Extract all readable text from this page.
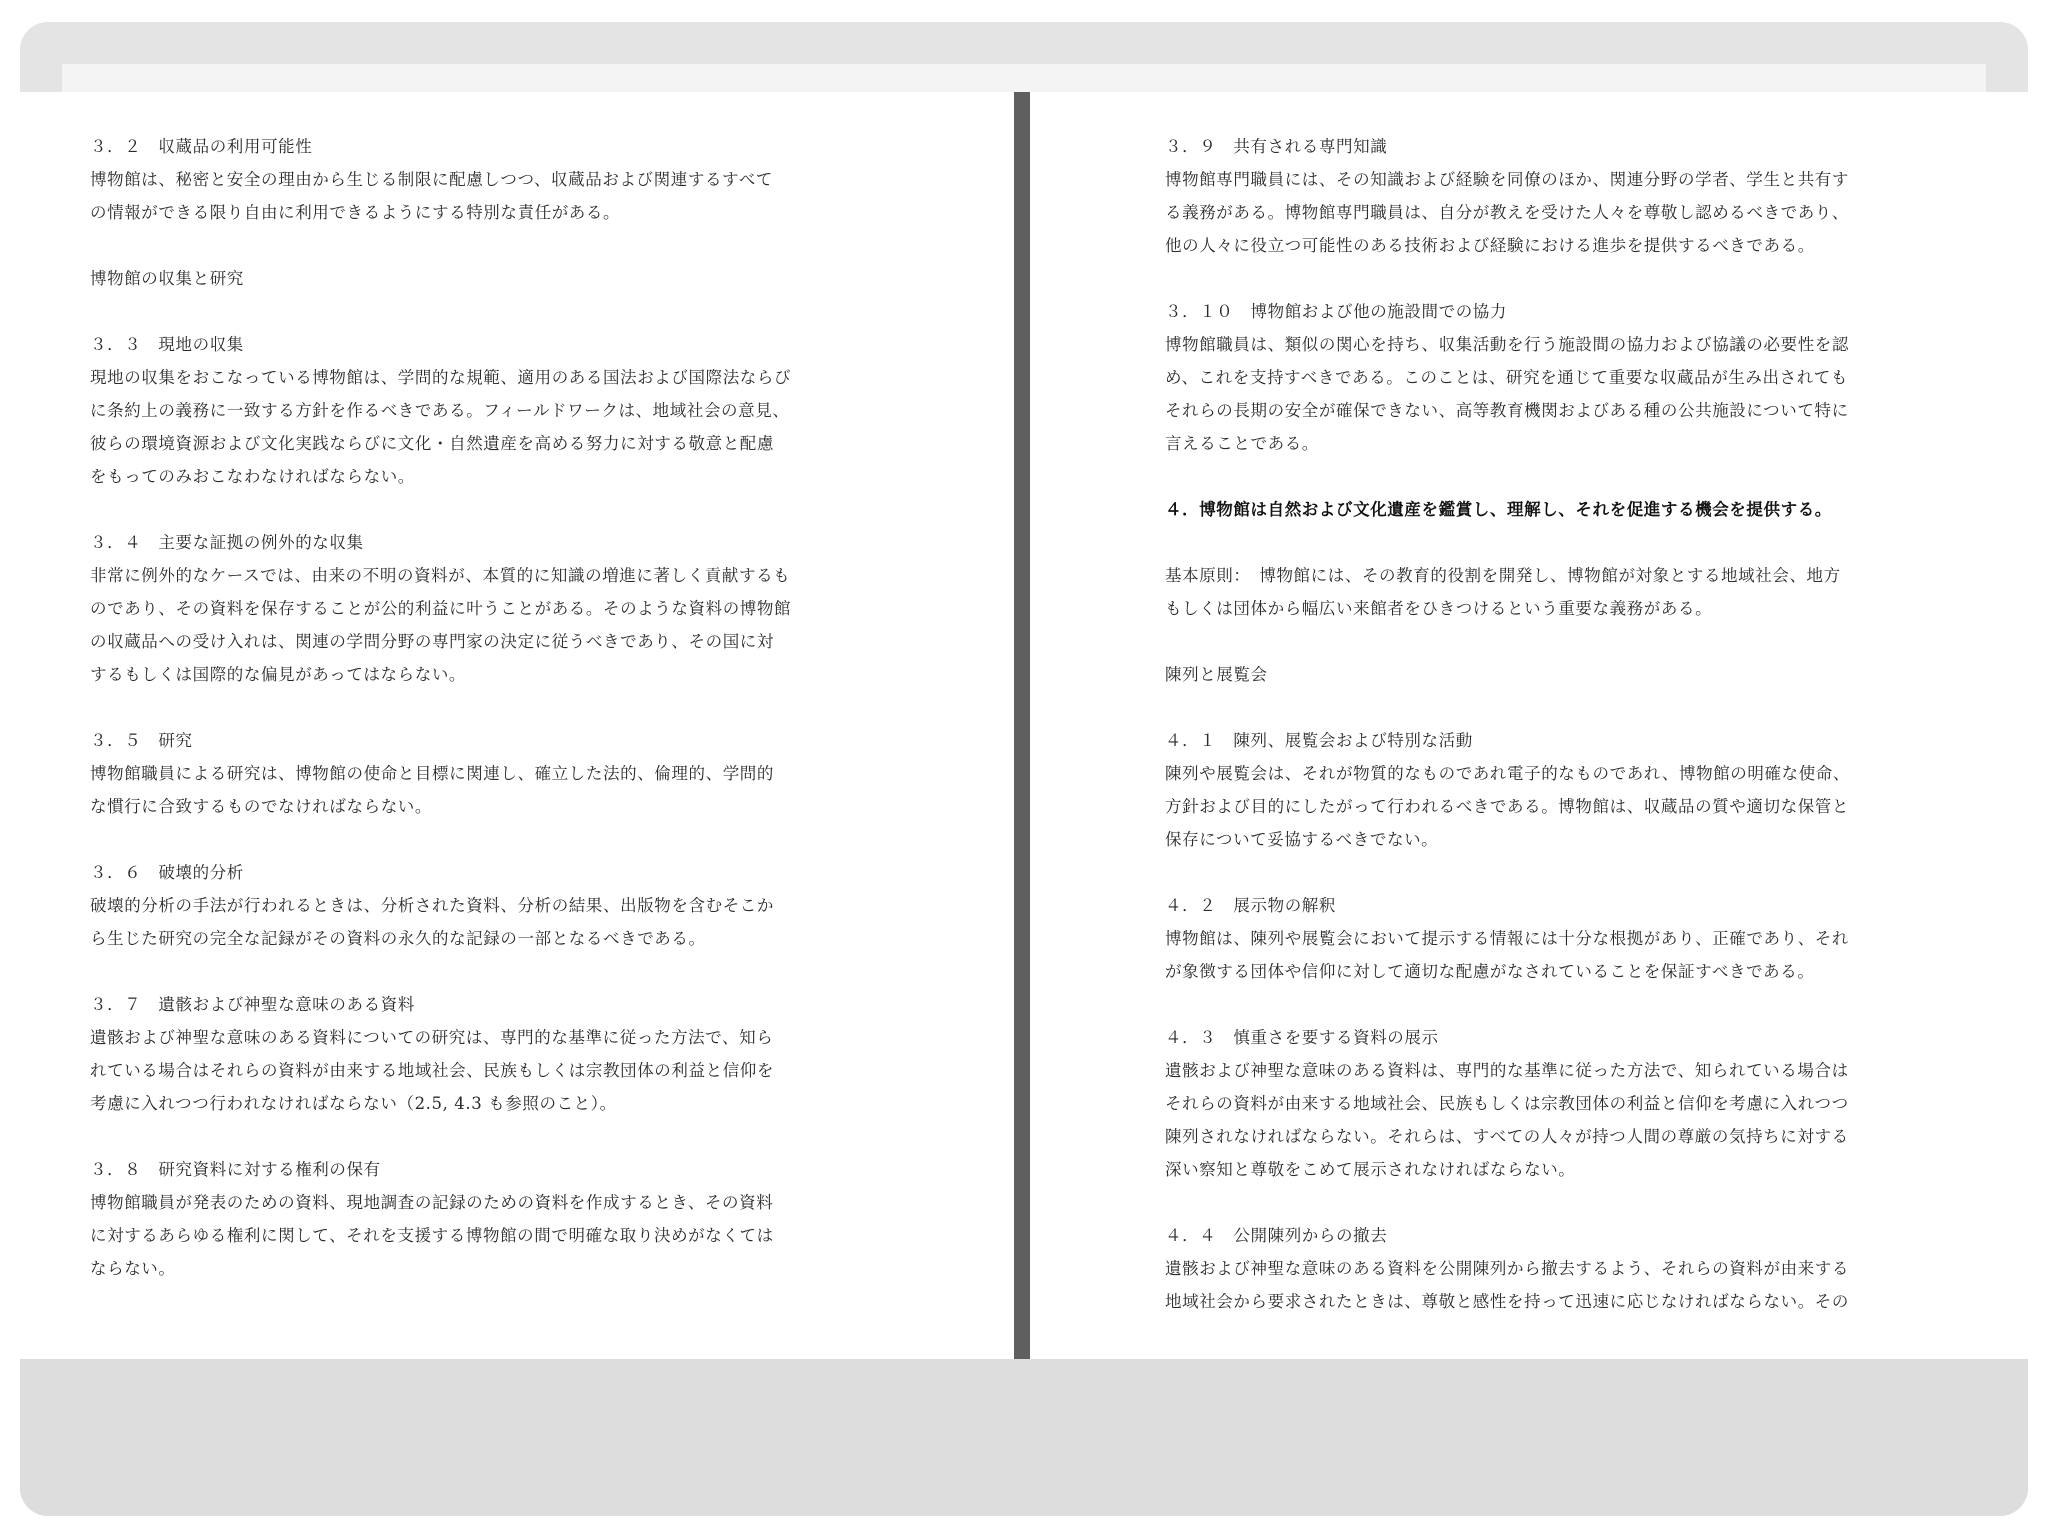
３．２　収蔵品の利用可能性
博物館は、秘密と安全の理由から生じる制限に配慮しつつ、収蔵品および関連するすべて
の情報ができる限り自由に利用できるようにする特別な責任がある。
博物館の収集と研究
３．３　現地の収集
現地の収集をおこなっている博物館は、学問的な規範、適用のある国法および国際法ならび
に条約上の義務に一致する方針を作るべきである。フィールドワークは、地域社会の意見、
彼らの環境資源および文化実践ならびに文化・自然遺産を高める努力に対する敬意と配慮
をもってのみおこなわなければならない。
３．４　主要な証拠の例外的な収集
非常に例外的なケースでは、由来の不明の資料が、本質的に知識の増進に著しく貢献するも
のであり、その資料を保存することが公的利益に叶うことがある。そのような資料の博物館
の収蔵品への受け入れは、関連の学問分野の専門家の決定に従うべきであり、その国に対
するもしくは国際的な偏見があってはならない。
３．５　研究
博物館職員による研究は、博物館の使命と目標に関連し、確立した法的、倫理的、学問的
な慣行に合致するものでなければならない。
３．６　破壊的分析
破壊的分析の手法が行われるときは、分析された資料、分析の結果、出版物を含むそこか
ら生じた研究の完全な記録がその資料の永久的な記録の一部となるべきである。
３．７　遺骸および神聖な意味のある資料
遺骸および神聖な意味のある資料についての研究は、専門的な基準に従った方法で、知ら
れている場合はそれらの資料が由来する地域社会、民族もしくは宗教団体の利益と信仰を
考慮に入れつつ行われなければならない（2.5, 4.3 も参照のこと）。
３．８　研究資料に対する権利の保有
博物館職員が発表のための資料、現地調査の記録のための資料を作成するとき、その資料
に対するあらゆる権利に関して、それを支援する博物館の間で明確な取り決めがなくては
ならない。
３．９　共有される専門知識
博物館専門職員には、その知識および経験を同僚のほか、関連分野の学者、学生と共有す
る義務がある。博物館専門職員は、自分が教えを受けた人々を尊敬し認めるべきであり、
他の人々に役立つ可能性のある技術および経験における進歩を提供するべきである。
３．１０　博物館および他の施設間での協力
博物館職員は、類似の関心を持ち、収集活動を行う施設間の協力および協議の必要性を認
め、これを支持すべきである。このことは、研究を通じて重要な収蔵品が生み出されても
それらの長期の安全が確保できない、高等教育機関およびある種の公共施設について特に
言えることである。
４．博物館は自然および文化遺産を鑑賞し、理解し、それを促進する機会を提供する。
基本原則：　博物館には、その教育的役割を開発し、博物館が対象とする地域社会、地方
もしくは団体から幅広い来館者をひきつけるという重要な義務がある。
陳列と展覧会
４．１　陳列、展覧会および特別な活動
陳列や展覧会は、それが物質的なものであれ電子的なものであれ、博物館の明確な使命、
方針および目的にしたがって行われるべきである。博物館は、収蔵品の質や適切な保管と
保存について妥協するべきでない。
４．２　展示物の解釈
博物館は、陳列や展覧会において提示する情報には十分な根拠があり、正確であり、それ
が象徴する団体や信仰に対して適切な配慮がなされていることを保証すべきである。
４．３　慎重さを要する資料の展示
遺骸および神聖な意味のある資料は、専門的な基準に従った方法で、知られている場合は
それらの資料が由来する地域社会、民族もしくは宗教団体の利益と信仰を考慮に入れつつ
陳列されなければならない。それらは、すべての人々が持つ人間の尊厳の気持ちに対する
深い察知と尊敬をこめて展示されなければならない。
４．４　公開陳列からの撤去
遺骸および神聖な意味のある資料を公開陳列から撤去するよう、それらの資料が由来する
地域社会から要求されたときは、尊敬と感性を持って迅速に応じなければならない。その
